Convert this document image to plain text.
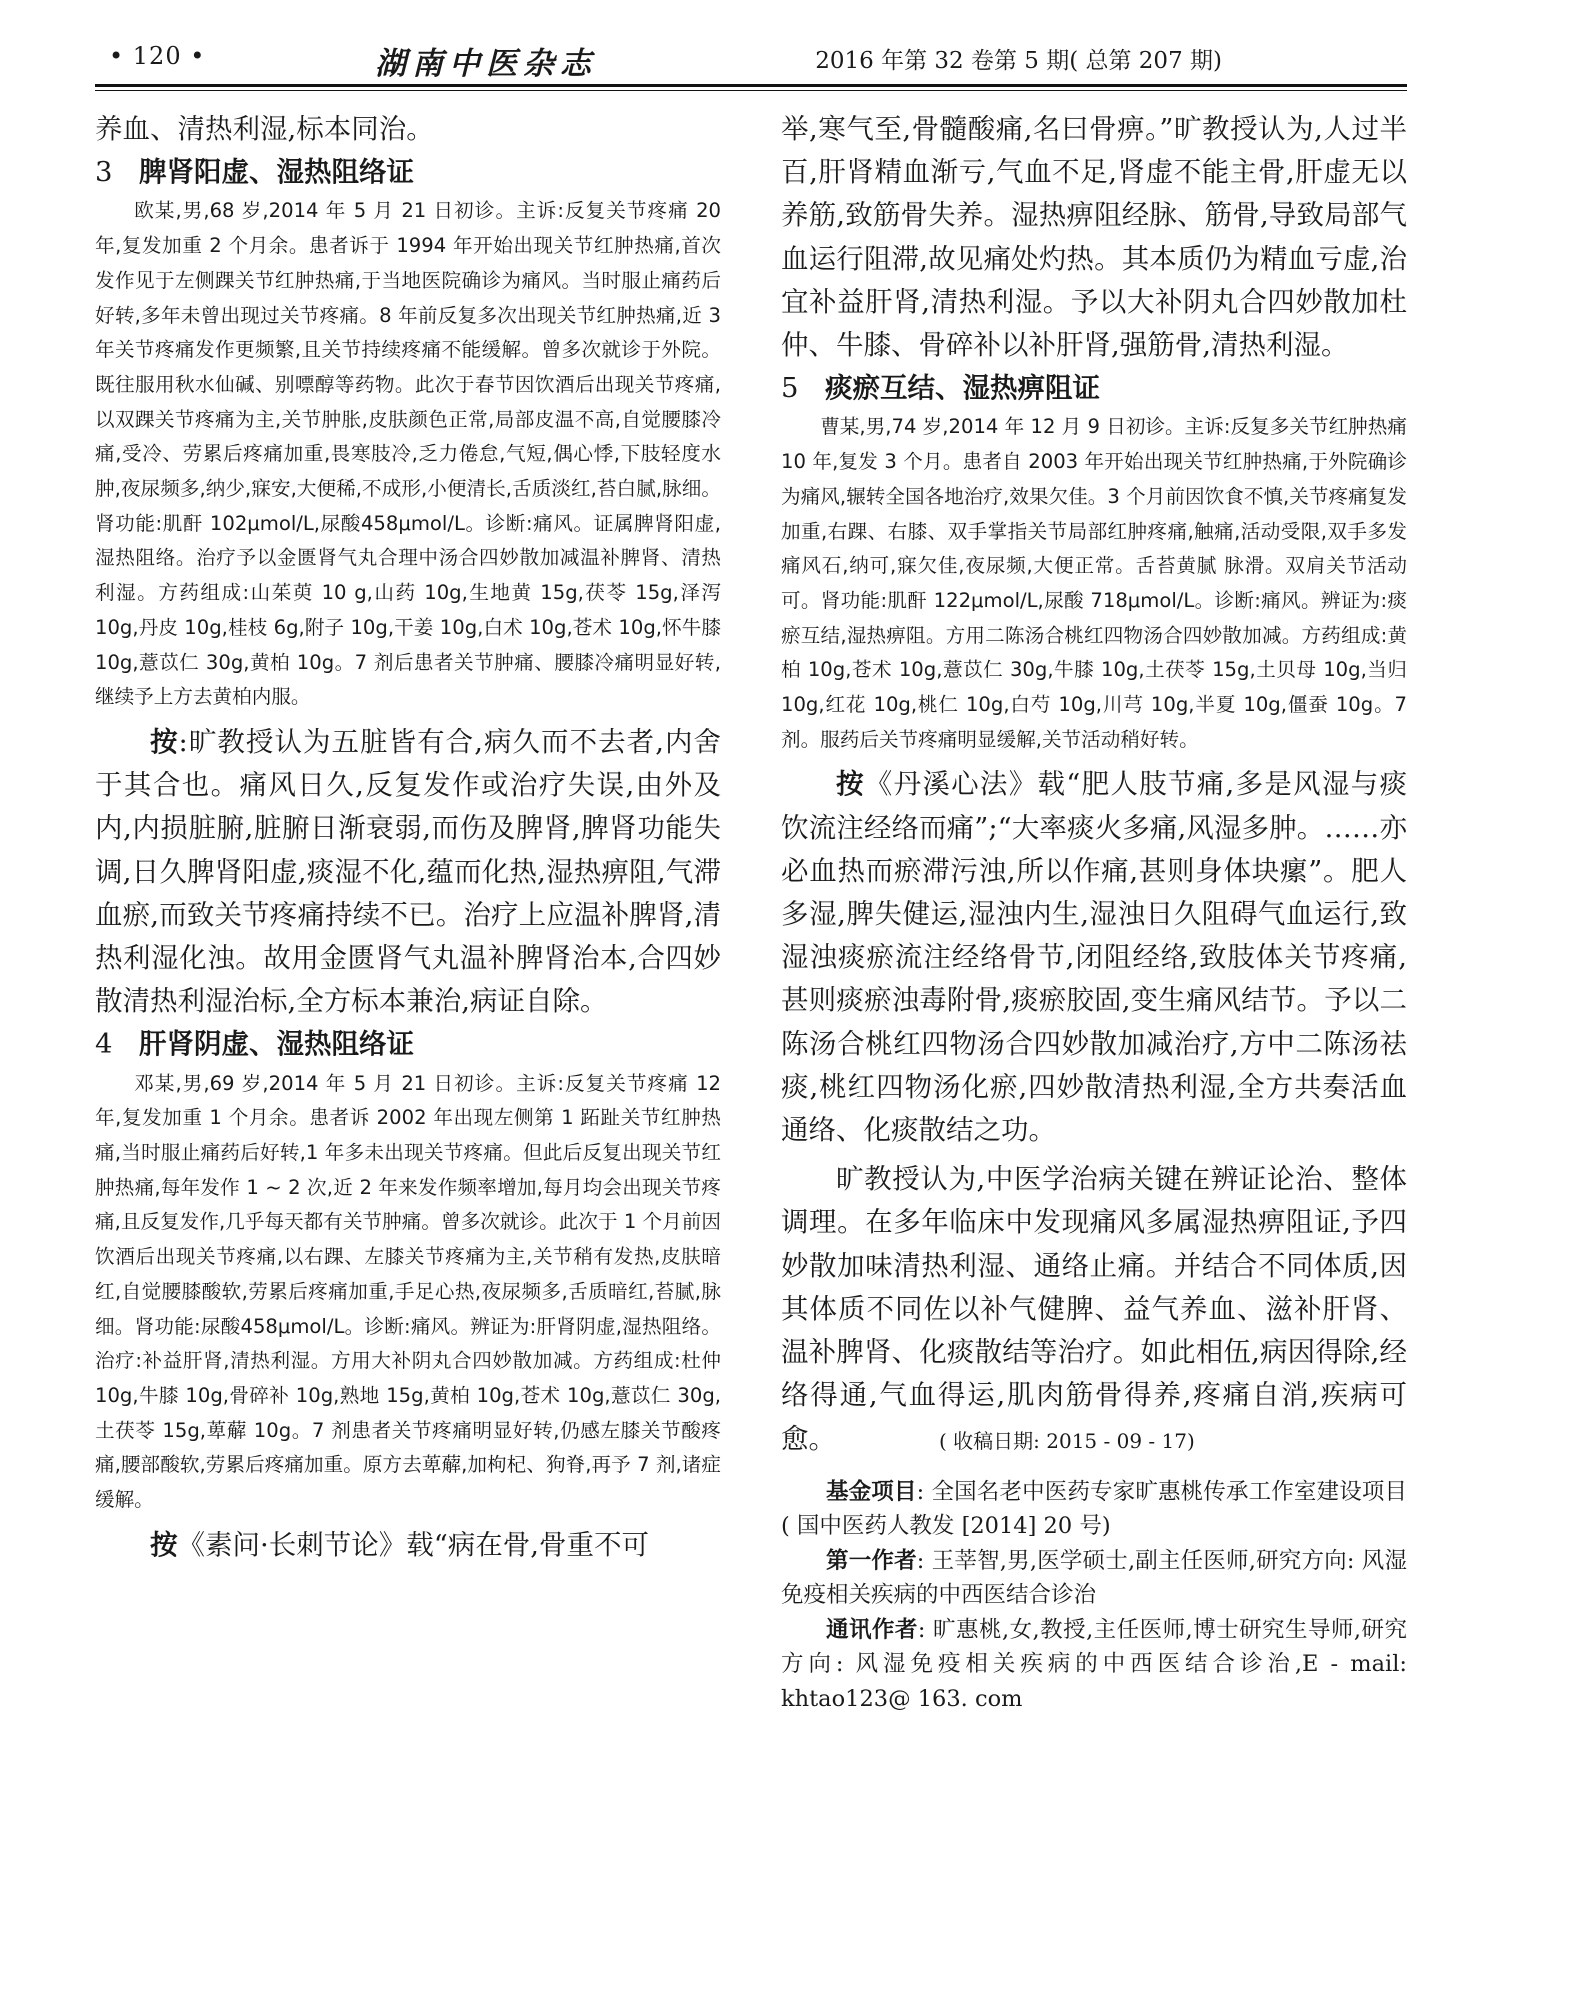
• 120 •	湖南中医杂志	2016 年第 32 卷第 5 期( 总第 207 期)

养血、清热利湿,标本同治。

3 脾肾阳虚、湿热阻络证

欧某,男,68 岁,2014 年 5 月 21 日初诊。主诉:反复关节疼痛 20 年,复发加重 2 个月余。患者诉于 1994 年开始出现关节红肿热痛,首次发作见于左侧踝关节红肿热痛,于当地医院确诊为痛风。当时服止痛药后好转,多年未曾出现过关节疼痛。8 年前反复多次出现关节红肿热痛,近 3 年关节疼痛发作更频繁,且关节持续疼痛不能缓解。曾多次就诊于外院。既往服用秋水仙碱、别嘌醇等药物。此次于春节因饮酒后出现关节疼痛,以双踝关节疼痛为主,关节肿胀,皮肤颜色正常,局部皮温不高,自觉腰膝冷痛,受冷、劳累后疼痛加重,畏寒肢冷,乏力倦怠,气短,偶心悸,下肢轻度水肿,夜尿频多,纳少,寐安,大便稀,不成形,小便清长,舌质淡红,苔白腻,脉细。肾功能:肌酐 102μmol/L,尿酸458μmol/L。诊断:痛风。证属脾肾阳虚,湿热阻络。治疗予以金匮肾气丸合理中汤合四妙散加减温补脾肾、清热利湿。方药组成:山茱萸 10 g,山药 10g,生地黄 15g,茯苓 15g,泽泻 10g,丹皮 10g,桂枝 6g,附子 10g,干姜 10g,白术 10g,苍术 10g,怀牛膝 10g,薏苡仁 30g,黄柏 10g。7 剂后患者关节肿痛、腰膝冷痛明显好转,继续予上方去黄柏内服。

按:旷教授认为五脏皆有合,病久而不去者,内舍于其合也。痛风日久,反复发作或治疗失误,由外及内,内损脏腑,脏腑日渐衰弱,而伤及脾肾,脾肾功能失调,日久脾肾阳虚,痰湿不化,蕴而化热,湿热痹阻,气滞血瘀,而致关节疼痛持续不已。治疗上应温补脾肾,清热利湿化浊。故用金匮肾气丸温补脾肾治本,合四妙散清热利湿治标,全方标本兼治,病证自除。

4 肝肾阴虚、湿热阻络证

邓某,男,69 岁,2014 年 5 月 21 日初诊。主诉:反复关节疼痛 12 年,复发加重 1 个月余。患者诉 2002 年出现左侧第 1 跖趾关节红肿热痛,当时服止痛药后好转,1 年多未出现关节疼痛。但此后反复出现关节红肿热痛,每年发作 1 ~ 2 次,近 2 年来发作频率增加,每月均会出现关节疼痛,且反复发作,几乎每天都有关节肿痛。曾多次就诊。此次于 1 个月前因饮酒后出现关节疼痛,以右踝、左膝关节疼痛为主,关节稍有发热,皮肤暗红,自觉腰膝酸软,劳累后疼痛加重,手足心热,夜尿频多,舌质暗红,苔腻,脉细。肾功能:尿酸458μmol/L。诊断:痛风。辨证为:肝肾阴虚,湿热阻络。治疗:补益肝肾,清热利湿。方用大补阴丸合四妙散加减。方药组成:杜仲 10g,牛膝 10g,骨碎补 10g,熟地 15g,黄柏 10g,苍术 10g,薏苡仁 30g,土茯苓 15g,萆薢 10g。7 剂患者关节疼痛明显好转,仍感左膝关节酸疼痛,腰部酸软,劳累后疼痛加重。原方去萆薢,加枸杞、狗脊,再予 7 剂,诸症缓解。

按《素问·长刺节论》载“病在骨,骨重不可

举,寒气至,骨髓酸痛,名曰骨痹。”旷教授认为,人过半百,肝肾精血渐亏,气血不足,肾虚不能主骨,肝虚无以养筋,致筋骨失养。湿热痹阻经脉、筋骨,导致局部气血运行阻滞,故见痛处灼热。其本质仍为精血亏虚,治宜补益肝肾,清热利湿。予以大补阴丸合四妙散加杜仲、牛膝、骨碎补以补肝肾,强筋骨,清热利湿。

5 痰瘀互结、湿热痹阻证

曹某,男,74 岁,2014 年 12 月 9 日初诊。主诉:反复多关节红肿热痛 10 年,复发 3 个月。患者自 2003 年开始出现关节红肿热痛,于外院确诊为痛风,辗转全国各地治疗,效果欠佳。3 个月前因饮食不慎,关节疼痛复发加重,右踝、右膝、双手掌指关节局部红肿疼痛,触痛,活动受限,双手多发痛风石,纳可,寐欠佳,夜尿频,大便正常。舌苔黄腻 脉滑。双肩关节活动可。肾功能:肌酐 122μmol/L,尿酸 718μmol/L。诊断:痛风。辨证为:痰瘀互结,湿热痹阻。方用二陈汤合桃红四物汤合四妙散加减。方药组成:黄柏 10g,苍术 10g,薏苡仁 30g,牛膝 10g,土茯苓 15g,土贝母 10g,当归 10g,红花 10g,桃仁 10g,白芍 10g,川芎 10g,半夏 10g,僵蚕 10g。7 剂。服药后关节疼痛明显缓解,关节活动稍好转。

按《丹溪心法》载“肥人肢节痛,多是风湿与痰饮流注经络而痛”;“大率痰火多痛,风湿多肿。……亦必血热而瘀滞污浊,所以作痛,甚则身体块瘰”。肥人多湿,脾失健运,湿浊内生,湿浊日久阻碍气血运行,致湿浊痰瘀流注经络骨节,闭阻经络,致肢体关节疼痛,甚则痰瘀浊毒附骨,痰瘀胶固,变生痛风结节。予以二陈汤合桃红四物汤合四妙散加减治疗,方中二陈汤祛痰,桃红四物汤化瘀,四妙散清热利湿,全方共奏活血通络、化痰散结之功。

旷教授认为,中医学治病关键在辨证论治、整体调理。在多年临床中发现痛风多属湿热痹阻证,予四妙散加味清热利湿、通络止痛。并结合不同体质,因其体质不同佐以补气健脾、益气养血、滋补肝肾、温补脾肾、化痰散结等治疗。如此相伍,病因得除,经络得通,气血得运,肌肉筋骨得养,疼痛自消,疾病可愈。	( 收稿日期: 2015 - 09 - 17)

基金项目: 全国名老中医药专家旷惠桃传承工作室建设项目( 国中医药人教发 [2014] 20 号)

第一作者: 王莘智,男,医学硕士,副主任医师,研究方向: 风湿免疫相关疾病的中西医结合诊治

通讯作者: 旷惠桃,女,教授,主任医师,博士研究生导师,研究方向: 风湿免疫相关疾病的中西医结合诊治,E - mail: khtao123@ 163. com
